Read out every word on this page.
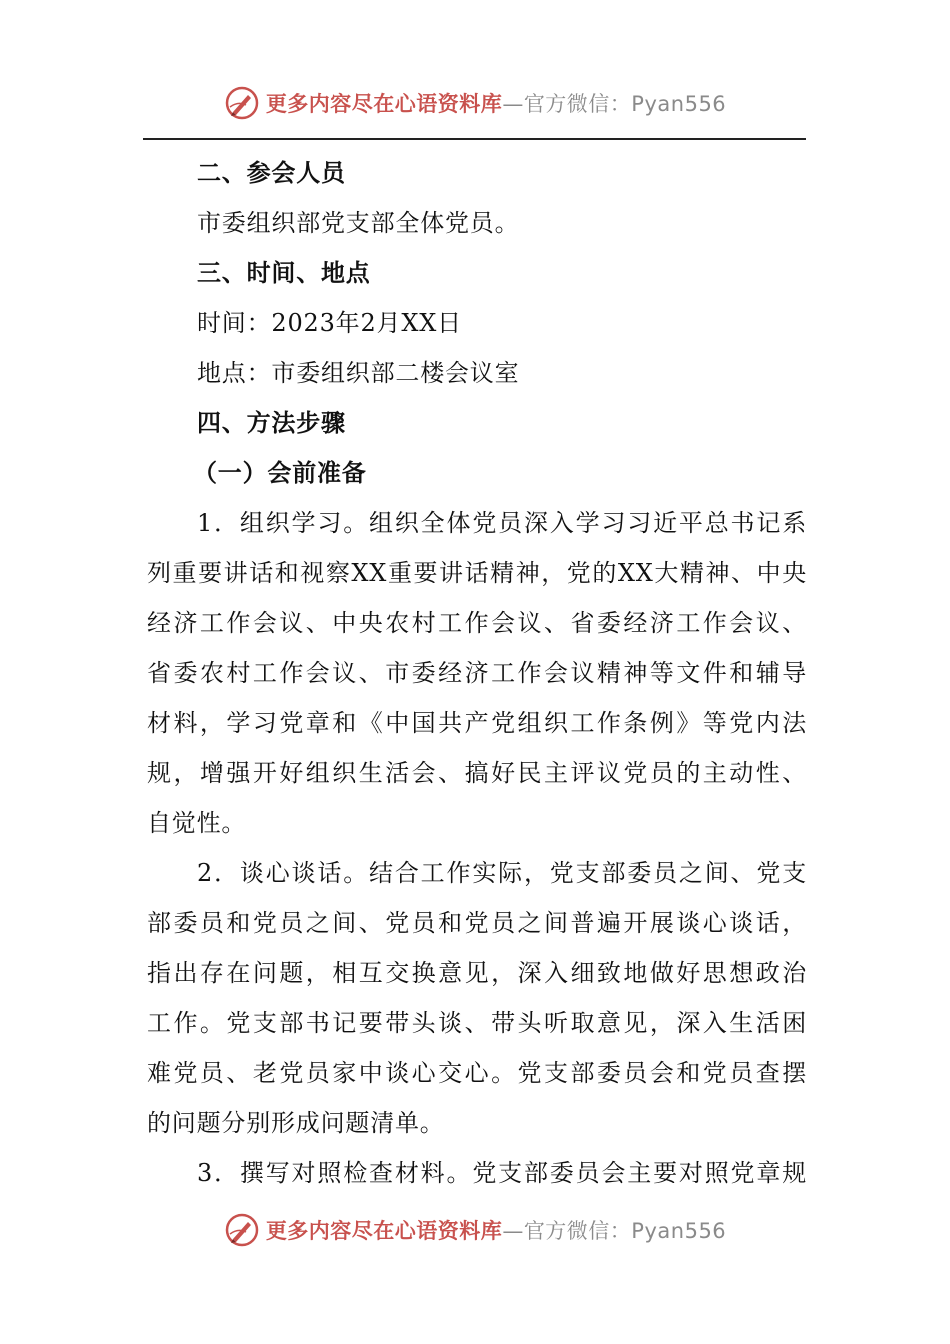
更多内容尽在心语资料库—官方微信：Pyan556
二、参会人员
市委组织部党支部全体党员。
三、时间、地点
时间：2023年2月XX日
地点：市委组织部二楼会议室
四、方法步骤
（一）会前准备
1．组织学习。组织全体党员深入学习习近平总书记系
列重要讲话和视察XX重要讲话精神，党的XX大精神、中央
经济工作会议、中央农村工作会议、省委经济工作会议、
省委农村工作会议、市委经济工作会议精神等文件和辅导
材料，学习党章和《中国共产党组织工作条例》等党内法
规，增强开好组织生活会、搞好民主评议党员的主动性、
自觉性。
2．谈心谈话。结合工作实际，党支部委员之间、党支
部委员和党员之间、党员和党员之间普遍开展谈心谈话，
指出存在问题，相互交换意见，深入细致地做好思想政治
工作。党支部书记要带头谈、带头听取意见，深入生活困
难党员、老党员家中谈心交心。党支部委员会和党员查摆
的问题分别形成问题清单。
3．撰写对照检查材料。党支部委员会主要对照党章规
更多内容尽在心语资料库—官方微信：Pyan556
